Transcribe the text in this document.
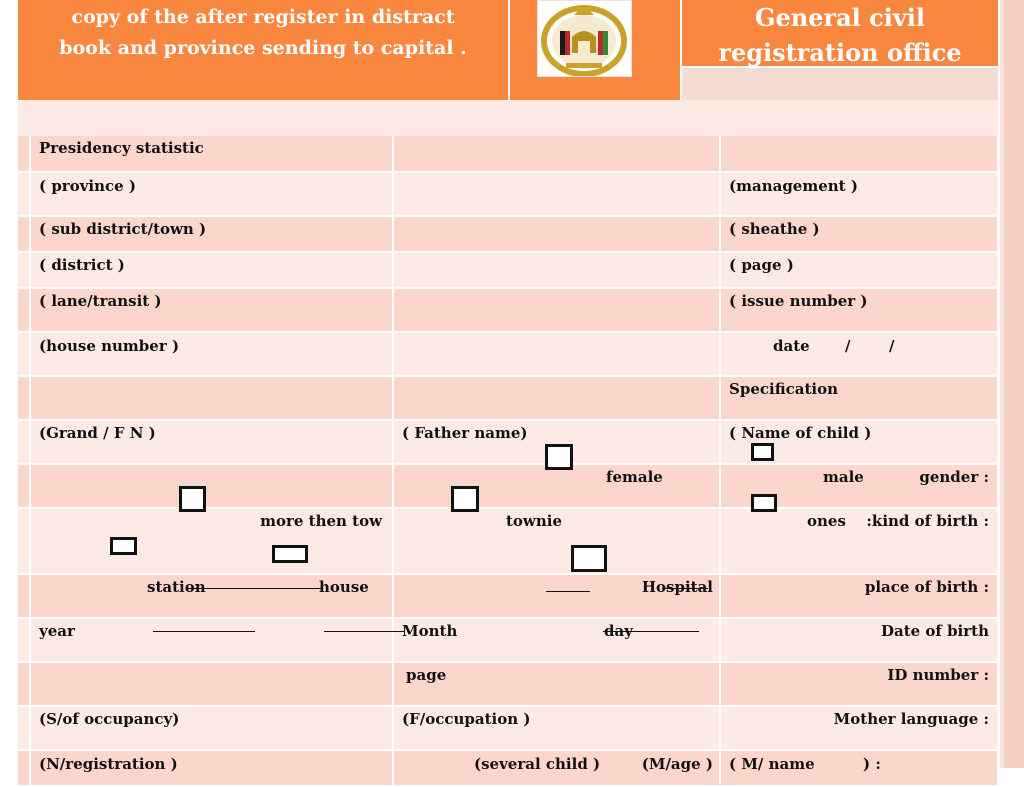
copy of the after register in distract
book and province sending to capital .
General civil
registration office
	Presidency statistic		
	( province )		(management )
	( sub district/town )		( sheathe )
	( district )		( page )
	( lane/transit )		( issue number )
	(house number )		date / /

			Specification
	(Grand / F N )	( Father name)	( Name of child )

		female	male gender :

	more then tow	townie	ones :kind of birth :

	station house	Hospital	place of birth :

	year	Month day	Date of birth

		page	ID number :

	(S/of occupancy)	(F/occupation )	Mother language :

	(N/registration )	(several child ) (M/age )	( M/ name ) :
